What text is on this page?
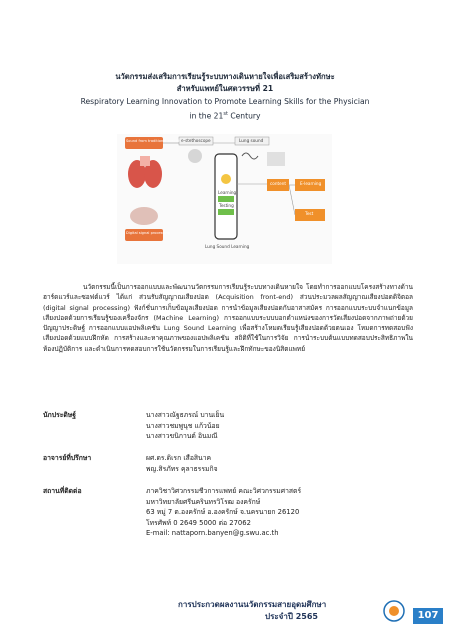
นวัตกรรมส่งเสริมการเรียนรู้ระบบทางเดินหายใจเพื่อเสริมสร้างทักษะ
สำหรับแพทย์ในศตวรรษที่ 21
Respiratory Learning Innovation to Promote Learning Skills for the Physician
in the 21st Century
Sound from traditional auscultation
Digital signal processing
e-stethoscope	Lung sound
Learning
Testing
Lung Sound Learning
content	E-learning
Test

นวัตกรรมนี้เป็นการออกแบบและพัฒนานวัตกรรมการเรียนรู้ระบบทางเดินหายใจ โดยทำการออกแบบโครงสร้างทางด้านฮาร์ดแวร์และซอฟต์แวร์ ได้แก่ ส่วนรับสัญญาณเสียงปอด (Acquisition front-end) ส่วนประมวลผลสัญญาณเสียงปอดดิจิตอล (digital signal processing) ฟังก์ชั่นการเก็บข้อมูลเสียงปอด การนำข้อมูลเสียงปอดกับอาสาสมัคร การออกแบบระบบจำแนกข้อมูลเสียงปอดด้วยการเรียนรู้ของเครื่องจักร (Machine Learning) การออกแบบระบบบอกตำแหน่งของการวัดเสียงปอดจากภาพถ่ายด้วยปัญญาประดิษฐ์ การออกแบบแอปพลิเคชัน Lung Sound Learning เพื่อสร้างโหมดเรียนรู้เสียงปอดด้วยตนเอง โหมดการทดสอบฟังเสียงปอดด้วยแบบฝึกหัด การสร้างและหาคุณภาพของแอปพลิเคชัน สถิติที่ใช้ในการวิจัย การนำระบบต้นแบบทดสอบประสิทธิภาพในห้องปฏิบัติการ และดำเนินการทดสอบการใช้นวัตกรรมในการเรียนรู้และฝึกทักษะของนิสิตแพทย์

นักประดิษฐ์	นางสาวณัฐธภรณ์ บานเย็น
นางสาวชมพูนุช แก้วน้อย
นางสาวขนิกานต์ อินมณี
อาจารย์ที่ปรึกษา	ผศ.ดร.ดิเรก เสือสินาค
พญ.สิรภัทร คุลาธรรมกิจ
สถานที่ติดต่อ	ภาควิชาวิศวกรรมชีวการแพทย์ คณะวิศวกรรมศาสตร์
มหาวิทยาลัยศรีนครินทรวิโรฒ องครักษ์
63 หมู่ 7 ต.องครักษ์ อ.องครักษ์ จ.นครนายก 26120
โทรศัพท์ 0 2649 5000 ต่อ 27062
E-mail: nattaporn.banyen@g.swu.ac.th
การประกวดผลงานนวัตกรรมสายอุดมศึกษา
ประจำปี 2565	107
